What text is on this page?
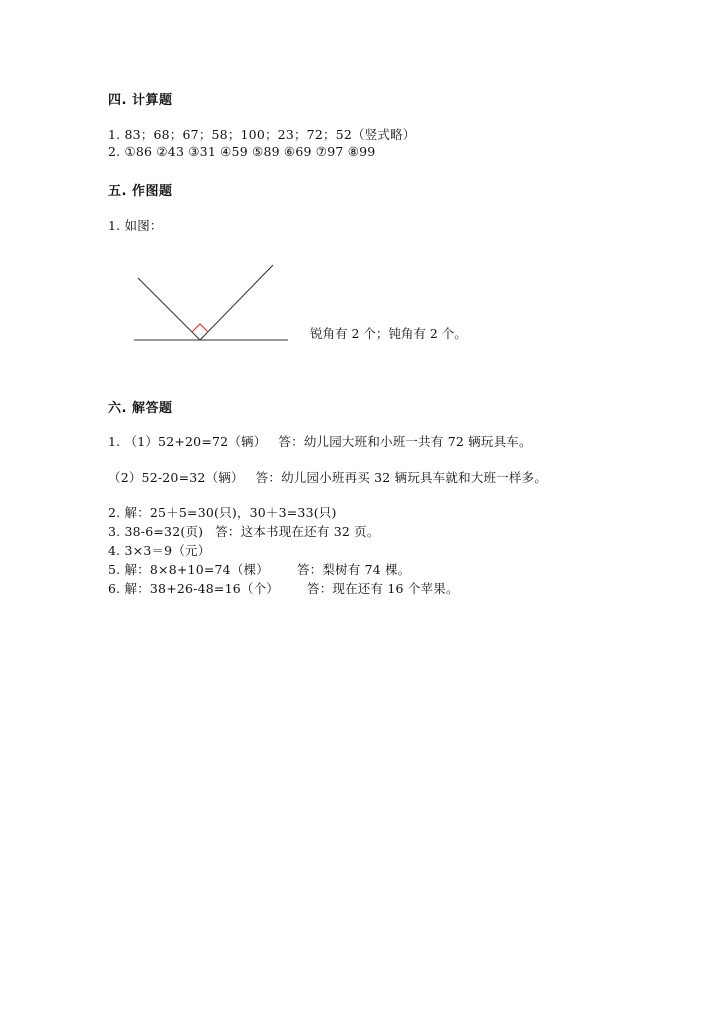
四. 计算题
1. 83；68；67；58；100；23；72；52（竖式略）
2. ①86 ②43 ③31 ④59 ⑤89 ⑥69 ⑦97 ⑧99
五. 作图题
1. 如图：
锐角有 2 个；钝角有 2 个。
六. 解答题
1. （1）52+20=72（辆） 答：幼儿园大班和小班一共有 72 辆玩具车。
（2）52-20=32（辆） 答：幼儿园小班再买 32 辆玩具车就和大班一样多。
2. 解：25＋5=30(只)，30＋3=33(只)
3. 38-6=32(页) 答：这本书现在还有 32 页。
4. 3×3＝9（元）
5. 解：8×8+10=74（棵） 答：梨树有 74 棵。
6. 解：38+26-48=16（个） 答：现在还有 16 个苹果。
